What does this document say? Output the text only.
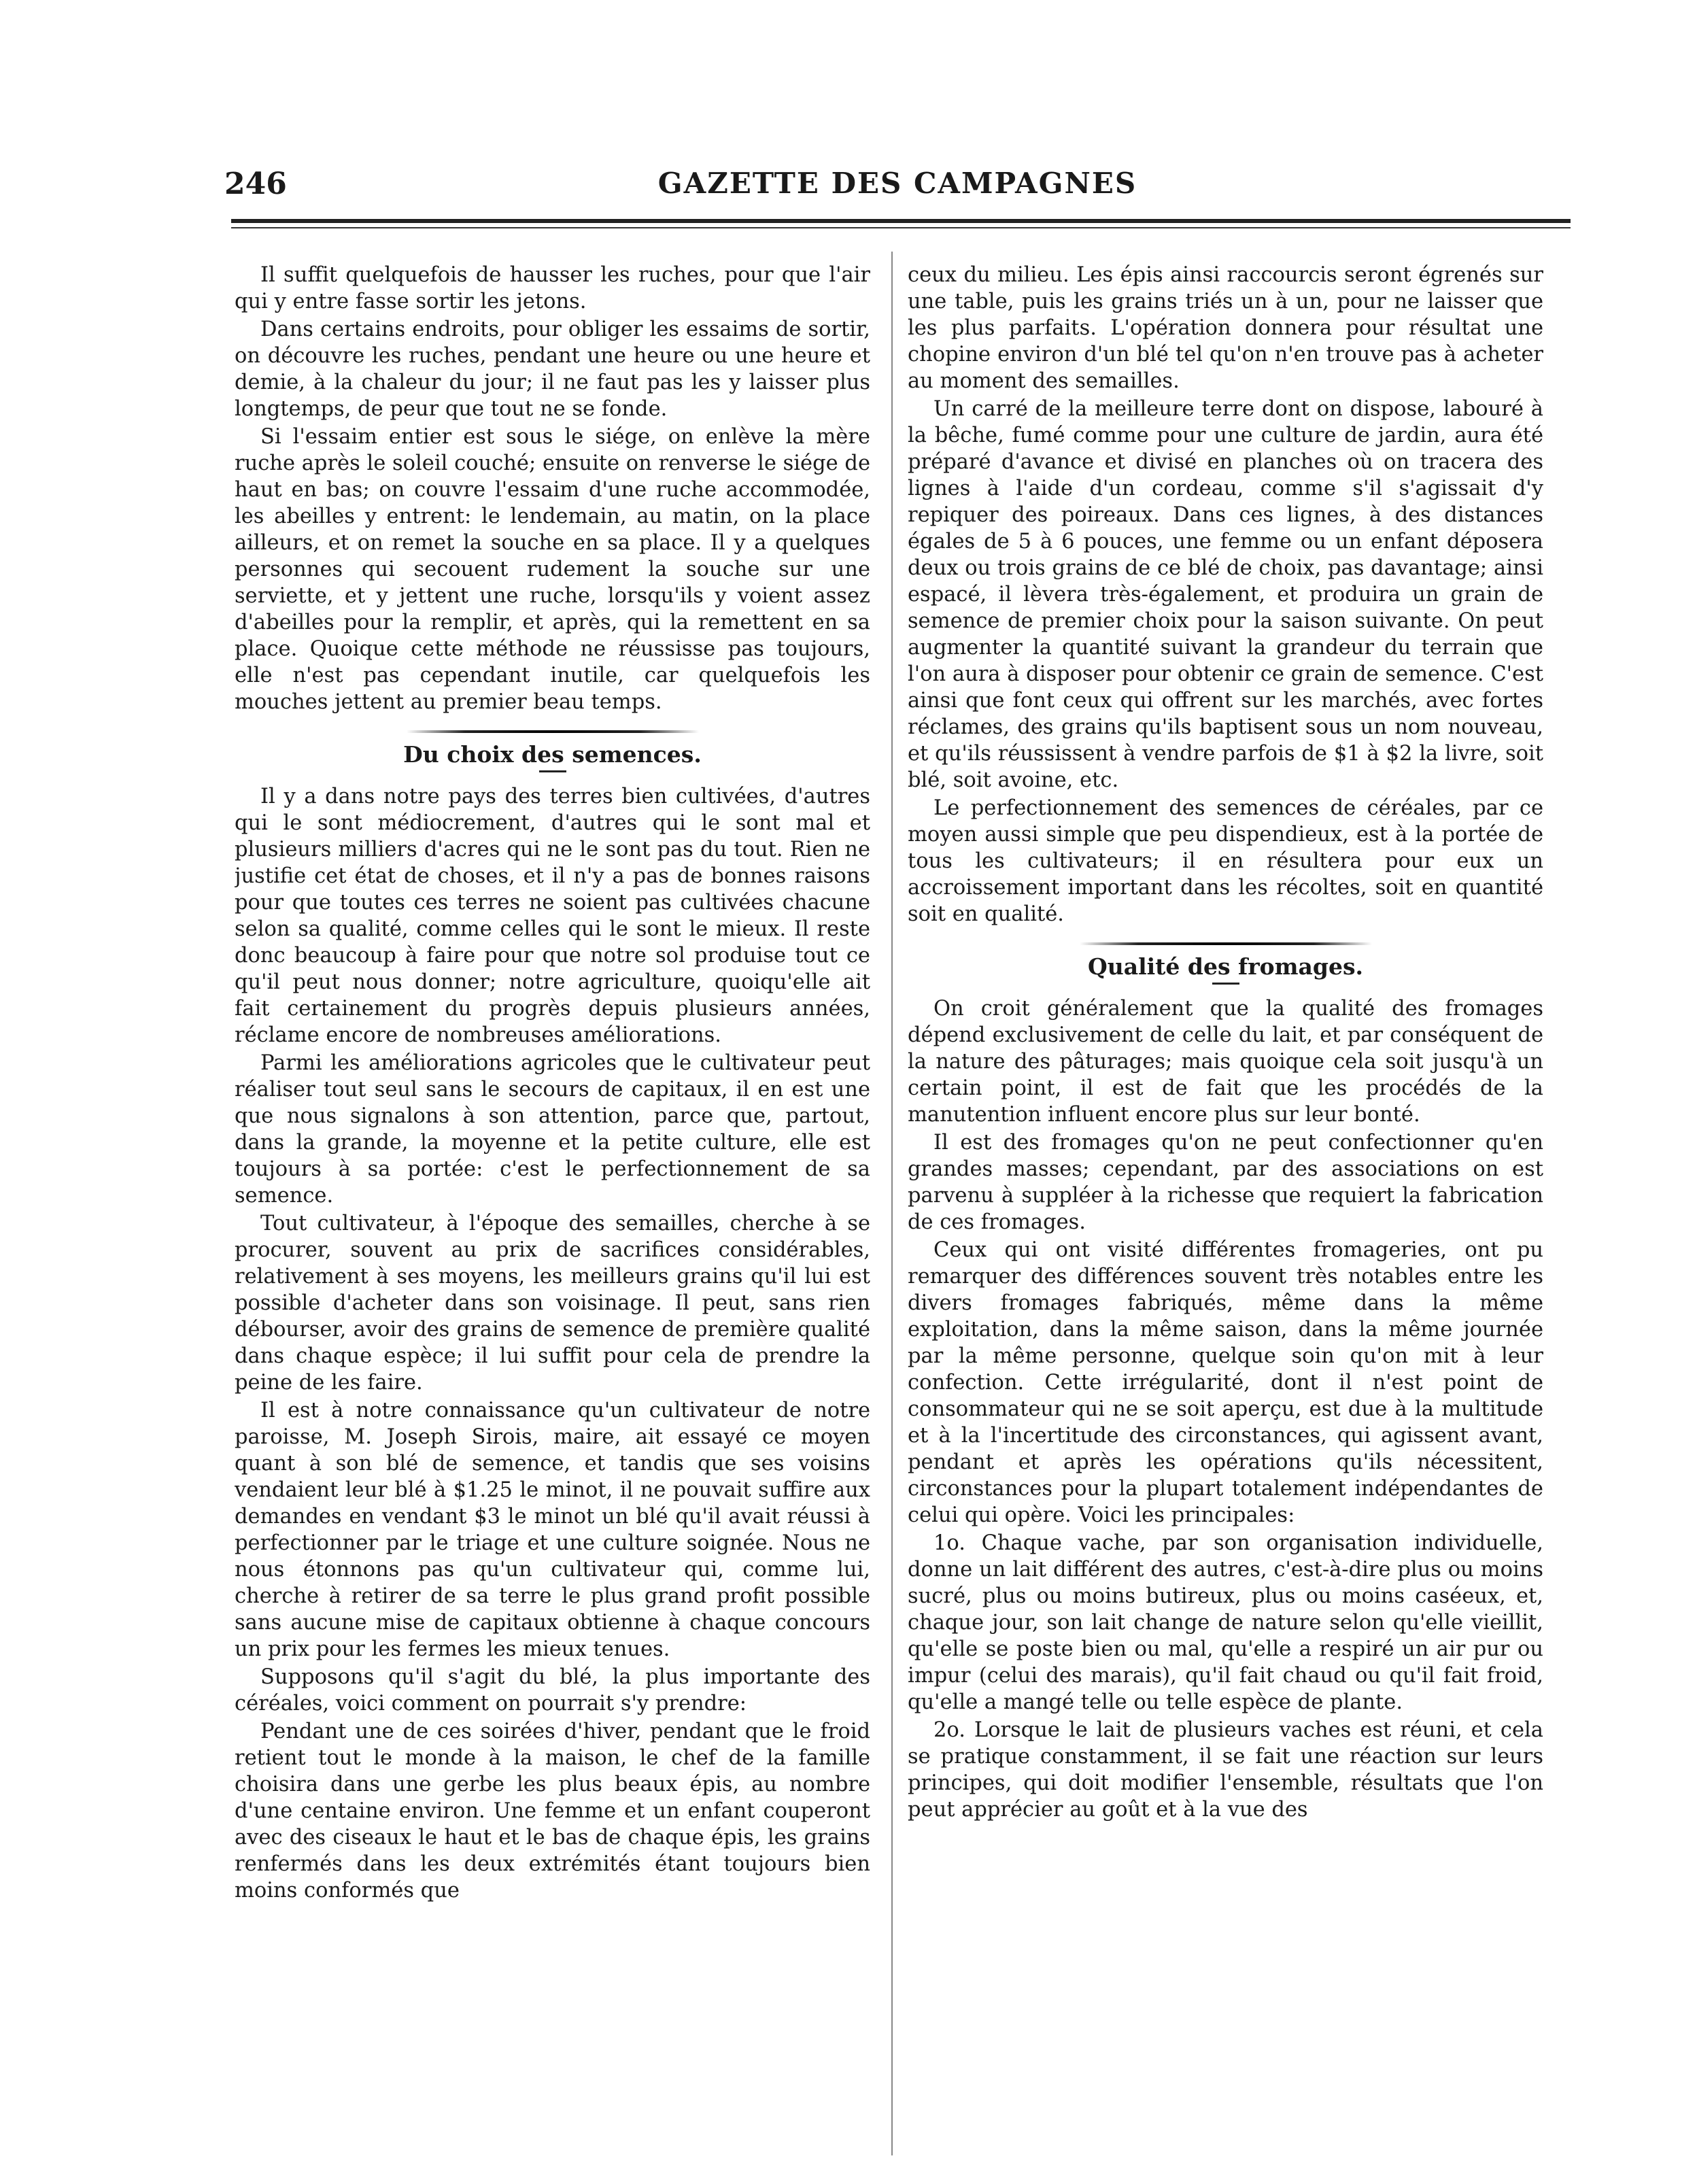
246	GAZETTE DES CAMPAGNES

Il suffit quelquefois de hausser les ruches, pour que l'air qui y entre fasse sortir les jetons.

Dans certains endroits, pour obliger les essaims de sortir, on découvre les ruches, pendant une heure ou une heure et demie, à la chaleur du jour; il ne faut pas les y laisser plus longtemps, de peur que tout ne se fonde.

Si l'essaim entier est sous le siége, on enlève la mère ruche après le soleil couché; ensuite on renverse le siége de haut en bas; on couvre l'essaim d'une ruche accommodée, les abeilles y entrent: le lendemain, au matin, on la place ailleurs, et on remet la souche en sa place. Il y a quelques personnes qui secouent rudement la souche sur une serviette, et y jettent une ruche, lorsqu'ils y voient assez d'abeilles pour la remplir, et après, qui la remettent en sa place. Quoique cette méthode ne réussisse pas toujours, elle n'est pas cependant inutile, car quelquefois les mouches jettent au premier beau temps.

Du choix des semences.

Il y a dans notre pays des terres bien cultivées, d'autres qui le sont médiocrement, d'autres qui le sont mal et plusieurs milliers d'acres qui ne le sont pas du tout. Rien ne justifie cet état de choses, et il n'y a pas de bonnes raisons pour que toutes ces terres ne soient pas cultivées chacune selon sa qualité, comme celles qui le sont le mieux. Il reste donc beaucoup à faire pour que notre sol produise tout ce qu'il peut nous donner; notre agriculture, quoiqu'elle ait fait certainement du progrès depuis plusieurs années, réclame encore de nombreuses améliorations.

Parmi les améliorations agricoles que le cultivateur peut réaliser tout seul sans le secours de capitaux, il en est une que nous signalons à son attention, parce que, partout, dans la grande, la moyenne et la petite culture, elle est toujours à sa portée: c'est le perfectionnement de sa semence.

Tout cultivateur, à l'époque des semailles, cherche à se procurer, souvent au prix de sacrifices considérables, relativement à ses moyens, les meilleurs grains qu'il lui est possible d'acheter dans son voisinage. Il peut, sans rien débourser, avoir des grains de semence de première qualité dans chaque espèce; il lui suffit pour cela de prendre la peine de les faire.

Il est à notre connaissance qu'un cultivateur de notre paroisse, M. Joseph Sirois, maire, ait essayé ce moyen quant à son blé de semence, et tandis que ses voisins vendaient leur blé à $1.25 le minot, il ne pouvait suffire aux demandes en vendant $3 le minot un blé qu'il avait réussi à perfectionner par le triage et une culture soignée. Nous ne nous étonnons pas qu'un cultivateur qui, comme lui, cherche à retirer de sa terre le plus grand profit possible sans aucune mise de capitaux obtienne à chaque concours un prix pour les fermes les mieux tenues.

Supposons qu'il s'agit du blé, la plus importante des céréales, voici comment on pourrait s'y prendre:

Pendant une de ces soirées d'hiver, pendant que le froid retient tout le monde à la maison, le chef de la famille choisira dans une gerbe les plus beaux épis, au nombre d'une centaine environ. Une femme et un enfant couperont avec des ciseaux le haut et le bas de chaque épis, les grains renfermés dans les deux extrémités étant toujours bien moins conformés que

ceux du milieu. Les épis ainsi raccourcis seront égrenés sur une table, puis les grains triés un à un, pour ne laisser que les plus parfaits. L'opération donnera pour résultat une chopine environ d'un blé tel qu'on n'en trouve pas à acheter au moment des semailles.

Un carré de la meilleure terre dont on dispose, labouré à la bêche, fumé comme pour une culture de jardin, aura été préparé d'avance et divisé en planches où on tracera des lignes à l'aide d'un cordeau, comme s'il s'agissait d'y repiquer des poireaux. Dans ces lignes, à des distances égales de 5 à 6 pouces, une femme ou un enfant déposera deux ou trois grains de ce blé de choix, pas davantage; ainsi espacé, il lèvera très-également, et produira un grain de semence de premier choix pour la saison suivante. On peut augmenter la quantité suivant la grandeur du terrain que l'on aura à disposer pour obtenir ce grain de semence. C'est ainsi que font ceux qui offrent sur les marchés, avec fortes réclames, des grains qu'ils baptisent sous un nom nouveau, et qu'ils réussissent à vendre parfois de $1 à $2 la livre, soit blé, soit avoine, etc.

Le perfectionnement des semences de céréales, par ce moyen aussi simple que peu dispendieux, est à la portée de tous les cultivateurs; il en résultera pour eux un accroissement important dans les récoltes, soit en quantité soit en qualité.

Qualité des fromages.

On croit généralement que la qualité des fromages dépend exclusivement de celle du lait, et par conséquent de la nature des pâturages; mais quoique cela soit jusqu'à un certain point, il est de fait que les procédés de la manutention influent encore plus sur leur bonté.

Il est des fromages qu'on ne peut confectionner qu'en grandes masses; cependant, par des associations on est parvenu à suppléer à la richesse que requiert la fabrication de ces fromages.

Ceux qui ont visité différentes fromageries, ont pu remarquer des différences souvent très notables entre les divers fromages fabriqués, même dans la même exploitation, dans la même saison, dans la même journée par la même personne, quelque soin qu'on mit à leur confection. Cette irrégularité, dont il n'est point de consommateur qui ne se soit aperçu, est due à la multitude et à la l'incertitude des circonstances, qui agissent avant, pendant et après les opérations qu'ils nécessitent, circonstances pour la plupart totalement indépendantes de celui qui opère. Voici les principales:

1o. Chaque vache, par son organisation individuelle, donne un lait différent des autres, c'est-à-dire plus ou moins sucré, plus ou moins butireux, plus ou moins caséeux, et, chaque jour, son lait change de nature selon qu'elle vieillit, qu'elle se poste bien ou mal, qu'elle a respiré un air pur ou impur (celui des marais), qu'il fait chaud ou qu'il fait froid, qu'elle a mangé telle ou telle espèce de plante.

2o. Lorsque le lait de plusieurs vaches est réuni, et cela se pratique constamment, il se fait une réaction sur leurs principes, qui doit modifier l'ensemble, résultats que l'on peut apprécier au goût et à la vue des
